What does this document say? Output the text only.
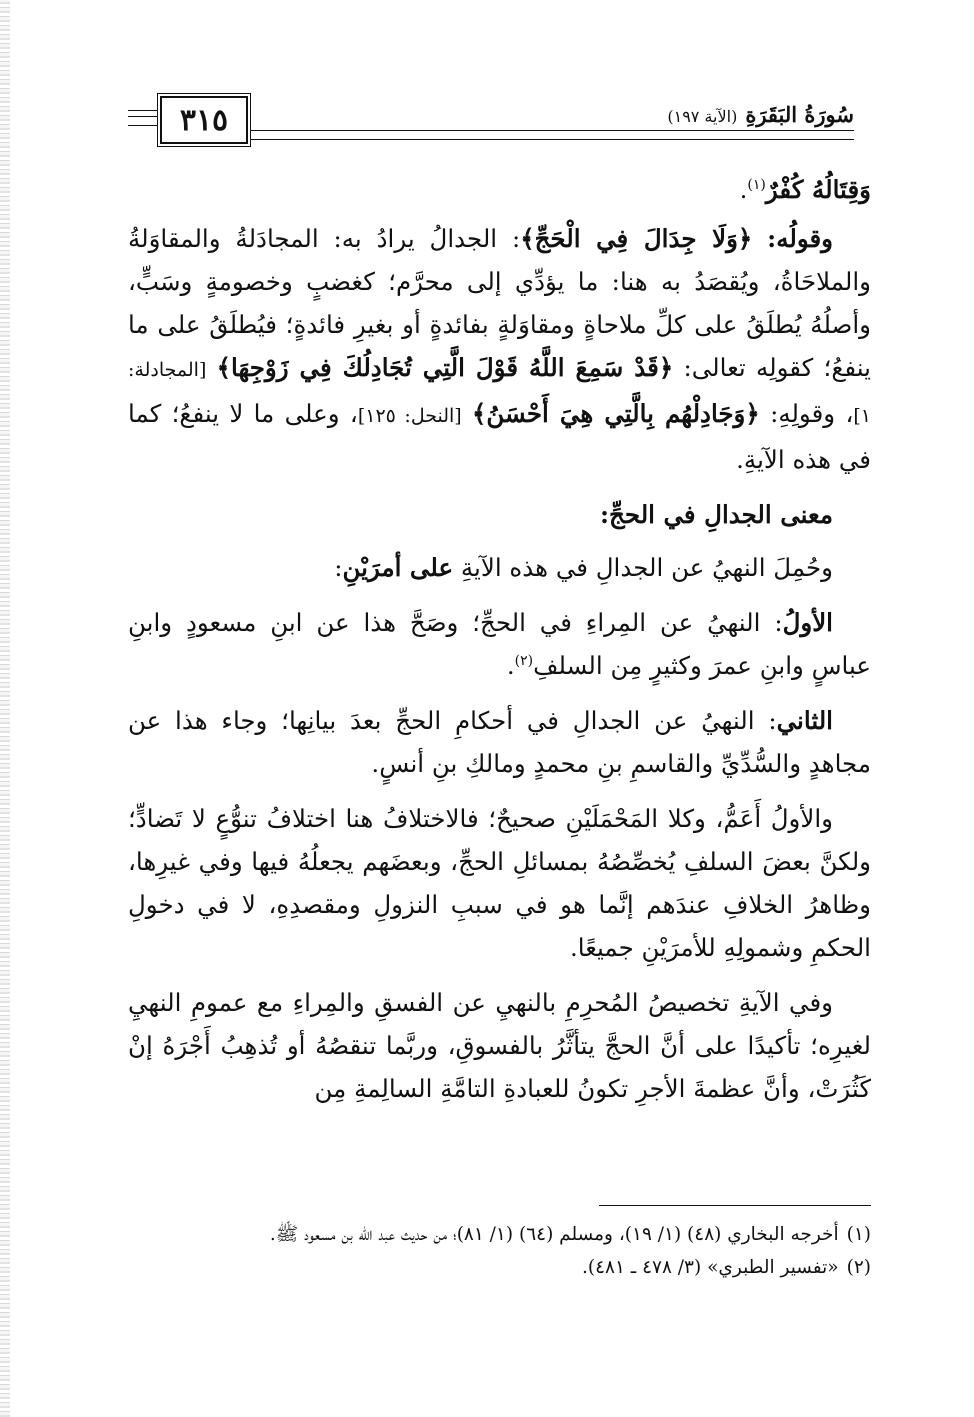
سُورَةُ البَقَرَةِ
(الآية ١٩٧)
٣١٥

وَقِتَالُهُ كُفْرٌ$^{(١)}$.

وقولُه: ﴿وَلَا جِدَالَ فِي الْحَجِّ﴾: الجدالُ يرادُ به: المجادَلةُ والمقاوَلةُ والملاحَاةُ، ويُقصَدُ به هنا: ما يؤدِّي إلى محرَّم؛ كغضبٍ وخصومةٍ وسَبٍّ، وأصلُهُ يُطلَقُ على كلِّ ملاحاةٍ ومقاوَلةٍ بفائدةٍ أو بغيرِ فائدةٍ؛ فيُطلَقُ على ما ينفعُ؛ كقولِه تعالى: ﴿قَدْ سَمِعَ اللَّهُ قَوْلَ الَّتِي تُجَادِلُكَ فِي زَوْجِهَا﴾ [المجادلة: ١]، وقولِهِ: ﴿وَجَادِلْهُم بِالَّتِي هِيَ أَحْسَنُ﴾ [النحل: ١٢٥]، وعلى ما لا ينفعُ؛ كما في هذه الآيةِ.

معنى الجدالِ في الحجِّ:

وحُمِلَ النهيُ عن الجدالِ في هذه الآيةِ على أمرَيْنِ:

الأولُ: النهيُ عن المِراءِ في الحجِّ؛ وصَحَّ هذا عن ابنِ مسعودٍ وابنِ عباسٍ وابنِ عمرَ وكثيرٍ مِن السلفِ$^{(٢)}$.

الثاني: النهيُ عن الجدالِ في أحكامِ الحجِّ بعدَ بيانِها؛ وجاء هذا عن مجاهدٍ والسُّدِّيِّ والقاسمِ بنِ محمدٍ ومالكِ بنِ أنسٍ.

والأولُ أَعَمُّ، وكلا المَحْمَلَيْنِ صحيحٌ؛ فالاختلافُ هنا اختلافُ تنوُّعٍ لا تَضادٍّ؛ ولكنَّ بعضَ السلفِ يُخصِّصُهُ بمسائلِ الحجِّ، وبعضَهم يجعلُهُ فيها وفي غيرِها، وظاهرُ الخلافِ عندَهم إنَّما هو في سببِ النزولِ ومقصدِهِ، لا في دخولِ الحكمِ وشمولِهِ للأمرَيْنِ جميعًا.

وفي الآيةِ تخصيصُ المُحرِمِ بالنهيِ عن الفسقِ والمِراءِ مع عمومِ النهيِ لغيرِه؛ تأكيدًا على أنَّ الحجَّ يتأثَّرُ بالفسوقِ، وربَّما تنقصُهُ أو تُذهِبُ أَجْرَهُ إنْ كَثُرَتْ، وأنَّ عظمةَ الأجرِ تكونُ للعبادةِ التامَّةِ السالِمةِ مِن

(١)
أخرجه البخاري (٤٨) (١/ ١٩)، ومسلم (٦٤) (١/ ٨١)؛ من حديث عبد الله بن مسعود ﷺ.
(٢)
«تفسير الطبري» (٣/ ٤٧٨ ـ ٤٨١).
